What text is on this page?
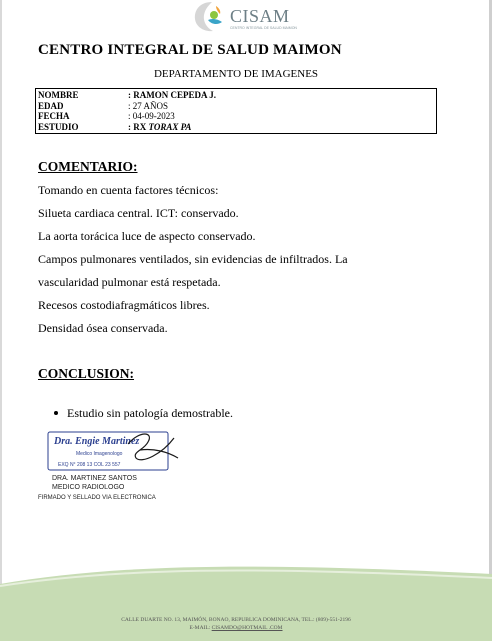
CISAM
CENTRO INTEGRAL DE SALUD MAIMON
CENTRO INTEGRAL DE SALUD MAIMON
DEPARTAMENTO DE IMAGENES
NOMBRE	: RAMON CEPEDA J.
EDAD	: 27 AÑOS
FECHA	: 04-09-2023
ESTUDIO	: RX TORAX PA
COMENTARIO:
Tomando en cuenta factores técnicos:
Silueta cardiaca central. ICT: conservado.
La aorta torácica luce de aspecto conservado.
Campos pulmonares ventilados, sin evidencias de infiltrados. La
vascularidad pulmonar está respetada.
Recesos costodiafragmáticos libres.
Densidad ósea conservada.
CONCLUSION:
Estudio sin patología demostrable.
Dra. Engie Martinez
Medico Imagenologo
EXQ N° 208 13 COL 23 557
DRA. MARTINEZ SANTOS
MEDICO RADIOLOGO
FIRMADO Y SELLADO VIA ELECTRONICA
CALLE DUARTE NO. 13, MAIMÓN, BONAO, REPUBLICA DOMINICANA, TEL.: (809)-551-2196
E-MAIL: CISAMDO@HOTMAIL .COM
